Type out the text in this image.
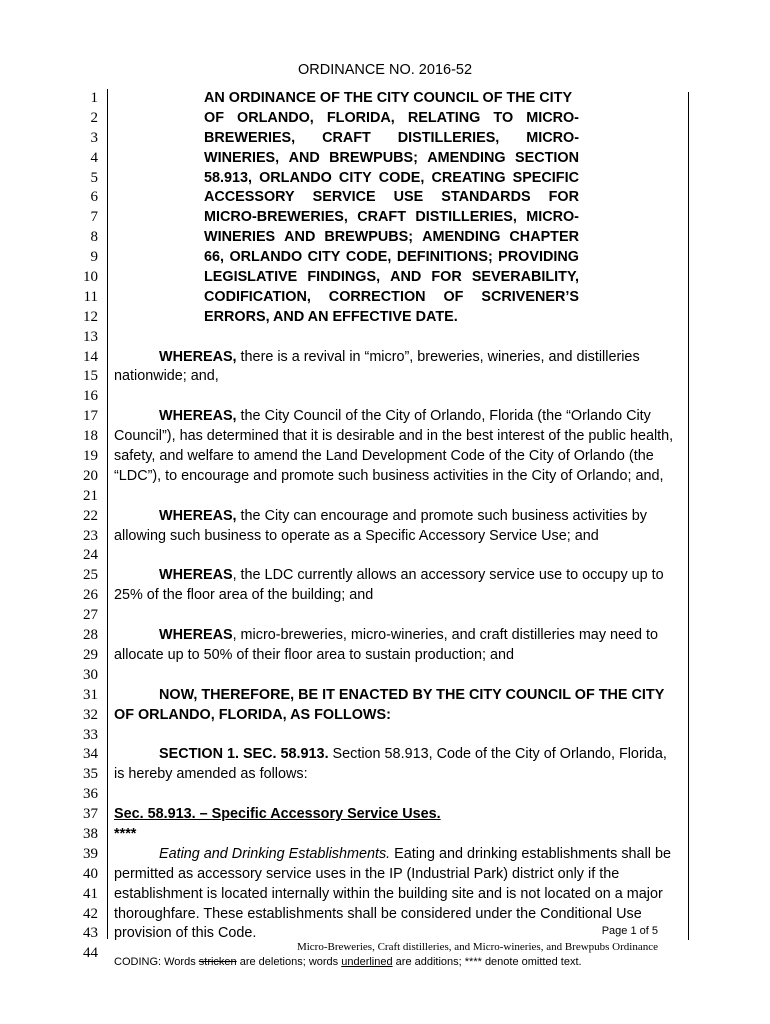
ORDINANCE NO. 2016-52
1
2
3
4
5
6
7
8
9
10
11
12
13
14
15
16
17
18
19
20
21
22
23
24
25
26
27
28
29
30
31
32
33
34
35
36
37
38
39
40
41
42
43
44
AN ORDINANCE OF THE CITY COUNCIL OF THE CITY
OF ORLANDO, FLORIDA, RELATING TO MICRO-
BREWERIES, CRAFT DISTILLERIES, MICRO-
WINERIES, AND BREWPUBS; AMENDING SECTION
58.913, ORLANDO CITY CODE, CREATING SPECIFIC
ACCESSORY SERVICE USE STANDARDS FOR
MICRO-BREWERIES, CRAFT DISTILLERIES, MICRO-
WINERIES AND BREWPUBS; AMENDING CHAPTER
66, ORLANDO CITY CODE, DEFINITIONS; PROVIDING
LEGISLATIVE FINDINGS, AND FOR SEVERABILITY,
CODIFICATION, CORRECTION OF SCRIVENER’S
ERRORS, AND AN EFFECTIVE DATE.
WHEREAS, there is a revival in “micro”, breweries, wineries, and distilleries
nationwide; and,
WHEREAS, the City Council of the City of Orlando, Florida (the “Orlando City
Council”), has determined that it is desirable and in the best interest of the public health,
safety, and welfare to amend the Land Development Code of the City of Orlando (the
“LDC”), to encourage and promote such business activities in the City of Orlando; and,
WHEREAS, the City can encourage and promote such business activities by
allowing such business to operate as a Specific Accessory Service Use; and
WHEREAS, the LDC currently allows an accessory service use to occupy up to
25% of the floor area of the building; and
WHEREAS, micro-breweries, micro-wineries, and craft distilleries may need to
allocate up to 50% of their floor area to sustain production; and
NOW, THEREFORE, BE IT ENACTED BY THE CITY COUNCIL OF THE CITY
OF ORLANDO, FLORIDA, AS FOLLOWS:
SECTION 1. SEC. 58.913. Section 58.913, Code of the City of Orlando, Florida,
is hereby amended as follows:
Sec. 58.913. – Specific Accessory Service Uses.
****
Eating and Drinking Establishments. Eating and drinking establishments shall be
permitted as accessory service uses in the IP (Industrial Park) district only if the
establishment is located internally within the building site and is not located on a major
thoroughfare. These establishments shall be considered under the Conditional Use
provision of this Code.	Page 1 of 5
Micro-Breweries, Craft distilleries, and Micro-wineries, and Brewpubs Ordinance
CODING: Words stricken are deletions; words underlined are additions; **** denote omitted text.
